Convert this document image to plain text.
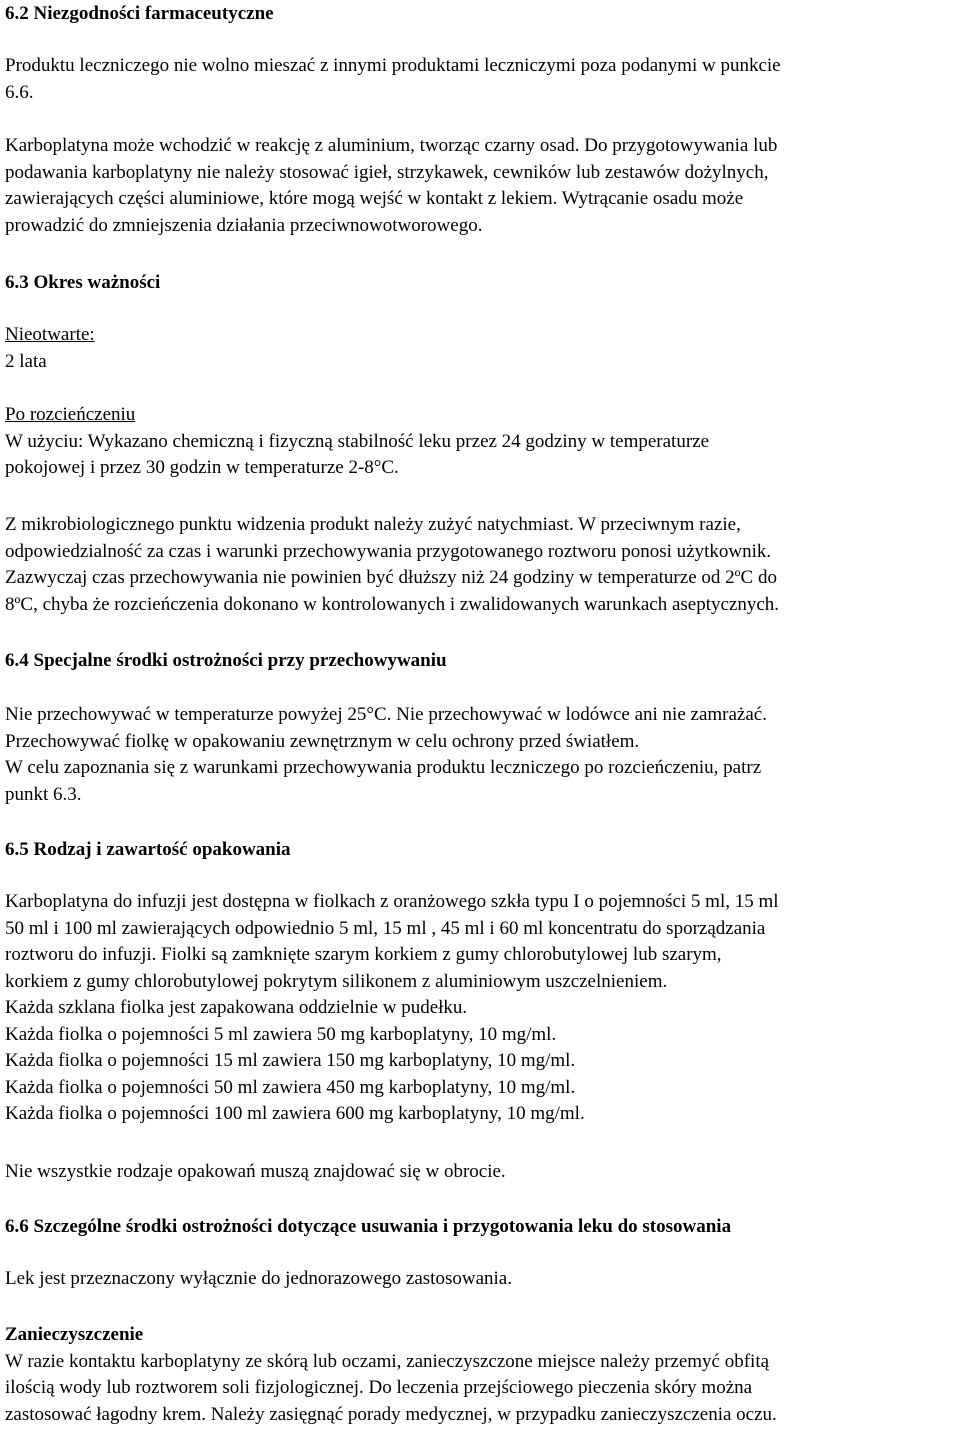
6.2 Niezgodności farmaceutyczne
Produktu leczniczego nie wolno mieszać z innymi produktami leczniczymi poza podanymi w punkcie
6.6.
Karboplatyna może wchodzić w reakcję z aluminium, tworząc czarny osad. Do przygotowywania lub
podawania karboplatyny nie należy stosować igieł, strzykawek, cewników lub zestawów dożylnych,
zawierających części aluminiowe, które mogą wejść w kontakt z lekiem. Wytrącanie osadu może
prowadzić do zmniejszenia działania przeciwnowotworowego.
6.3 Okres ważności
Nieotwarte:
2 lata
Po rozcieńczeniu
W użyciu: Wykazano chemiczną i fizyczną stabilność leku przez 24 godziny w temperaturze
pokojowej i przez 30 godzin w temperaturze 2-8°C.
Z mikrobiologicznego punktu widzenia produkt należy zużyć natychmiast. W przeciwnym razie,
odpowiedzialność za czas i warunki przechowywania przygotowanego roztworu ponosi użytkownik.
Zazwyczaj czas przechowywania nie powinien być dłuższy niż 24 godziny w temperaturze od 2ºC do
8ºC, chyba że rozcieńczenia dokonano w kontrolowanych i zwalidowanych warunkach aseptycznych.
6.4 Specjalne środki ostrożności przy przechowywaniu
Nie przechowywać w temperaturze powyżej 25°C. Nie przechowywać w lodówce ani nie zamrażać.
Przechowywać fiolkę w opakowaniu zewnętrznym w celu ochrony przed światłem.
W celu zapoznania się z warunkami przechowywania produktu leczniczego po rozcieńczeniu, patrz
punkt 6.3.
6.5 Rodzaj i zawartość opakowania
Karboplatyna do infuzji jest dostępna w fiolkach z oranżowego szkła typu I o pojemności 5 ml, 15 ml
50 ml i 100 ml zawierających odpowiednio 5 ml, 15 ml , 45 ml i 60 ml koncentratu do sporządzania
roztworu do infuzji. Fiolki są zamknięte szarym korkiem z gumy chlorobutylowej lub szarym,
korkiem z gumy chlorobutylowej pokrytym silikonem z aluminiowym uszczelnieniem.
Każda szklana fiolka jest zapakowana oddzielnie w pudełku.
Każda fiolka o pojemności 5 ml zawiera 50 mg karboplatyny, 10 mg/ml.
Każda fiolka o pojemności 15 ml zawiera 150 mg karboplatyny, 10 mg/ml.
Każda fiolka o pojemności 50 ml zawiera 450 mg karboplatyny, 10 mg/ml.
Każda fiolka o pojemności 100 ml zawiera 600 mg karboplatyny, 10 mg/ml.
Nie wszystkie rodzaje opakowań muszą znajdować się w obrocie.
6.6 Szczególne środki ostrożności dotyczące usuwania i przygotowania leku do stosowania
Lek jest przeznaczony wyłącznie do jednorazowego zastosowania.
Zanieczyszczenie
W razie kontaktu karboplatyny ze skórą lub oczami, zanieczyszczone miejsce należy przemyć obfitą
ilością wody lub roztworem soli fizjologicznej. Do leczenia przejściowego pieczenia skóry można
zastosować łagodny krem. Należy zasięgnąć porady medycznej, w przypadku zanieczyszczenia oczu.
